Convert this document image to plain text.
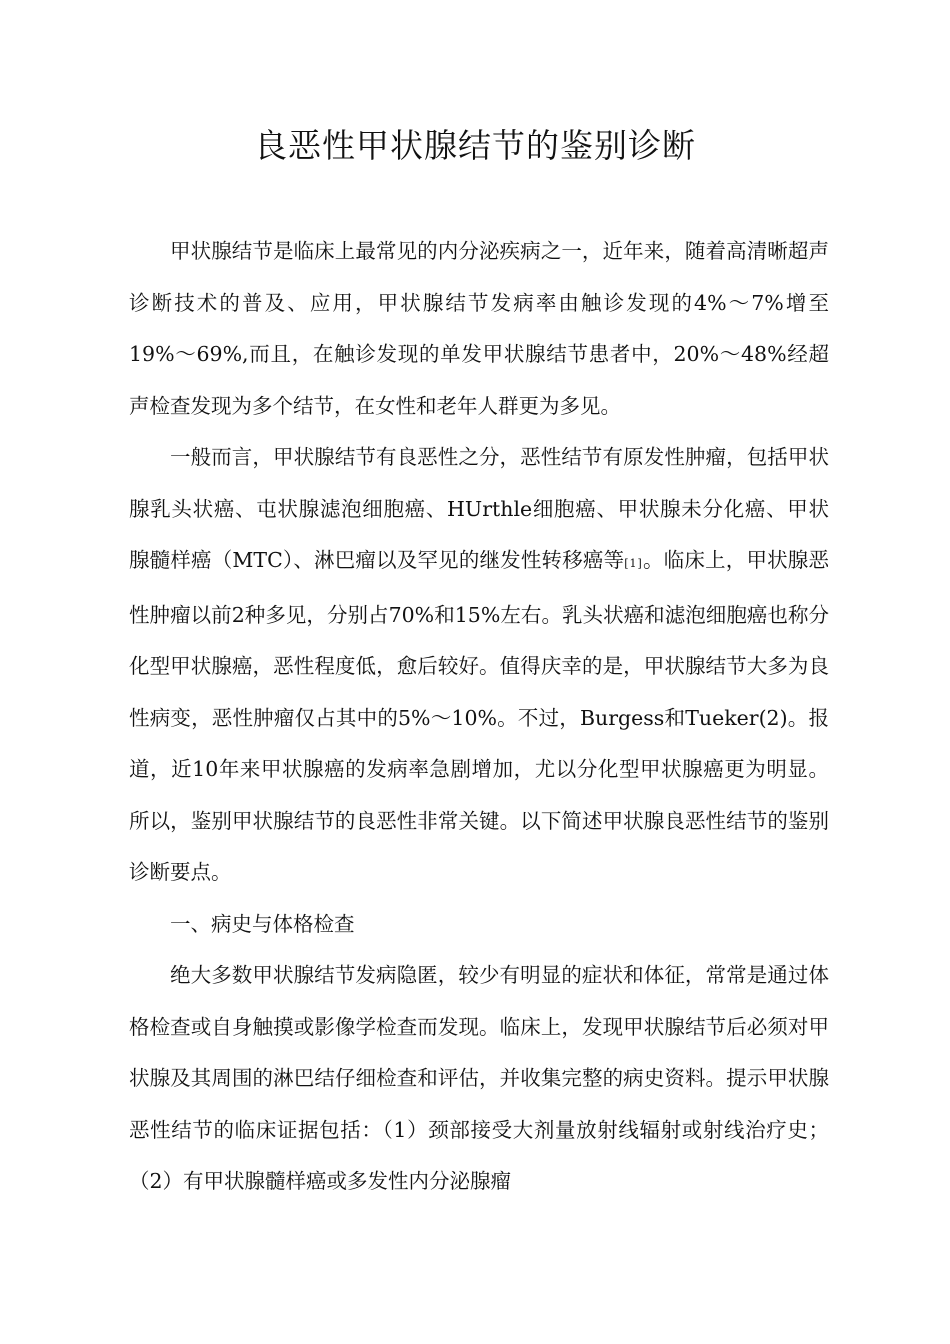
良恶性甲状腺结节的鉴别诊断

甲状腺结节是临床上最常见的内分泌疾病之一，近年来，随着高清晰超声诊断技术的普及、应用，甲状腺结节发病率由触诊发现的4%〜7%增至19%〜69%,而且，在触诊发现的单发甲状腺结节患者中，20%〜48%经超声检查发现为多个结节，在女性和老年人群更为多见。

一般而言，甲状腺结节有良恶性之分，恶性结节有原发性肿瘤，包括甲状腺乳头状癌、屯状腺滤泡细胞癌、HUrthle细胞癌、甲状腺未分化癌、甲状腺髓样癌（MTC）、淋巴瘤以及罕见的继发性转移癌等[1]。临床上，甲状腺恶性肿瘤以前2种多见，分别占70%和15%左右。乳头状癌和滤泡细胞癌也称分化型甲状腺癌，恶性程度低，愈后较好。值得庆幸的是，甲状腺结节大多为良性病变，恶性肿瘤仅占其中的5%〜10%。不过，Burgess和Tueker(2)。报道，近10年来甲状腺癌的发病率急剧增加，尤以分化型甲状腺癌更为明显。所以，鉴别甲状腺结节的良恶性非常关键。以下简述甲状腺良恶性结节的鉴别诊断要点。

一、病史与体格检查

绝大多数甲状腺结节发病隐匿，较少有明显的症状和体征，常常是通过体格检查或自身触摸或影像学检查而发现。临床上，发现甲状腺结节后必须对甲状腺及其周围的淋巴结仔细检查和评估，并收集完整的病史资料。提示甲状腺恶性结节的临床证据包括：（1）颈部接受大剂量放射线辐射或射线治疗史；（2）有甲状腺髓样癌或多发性内分泌腺瘤
